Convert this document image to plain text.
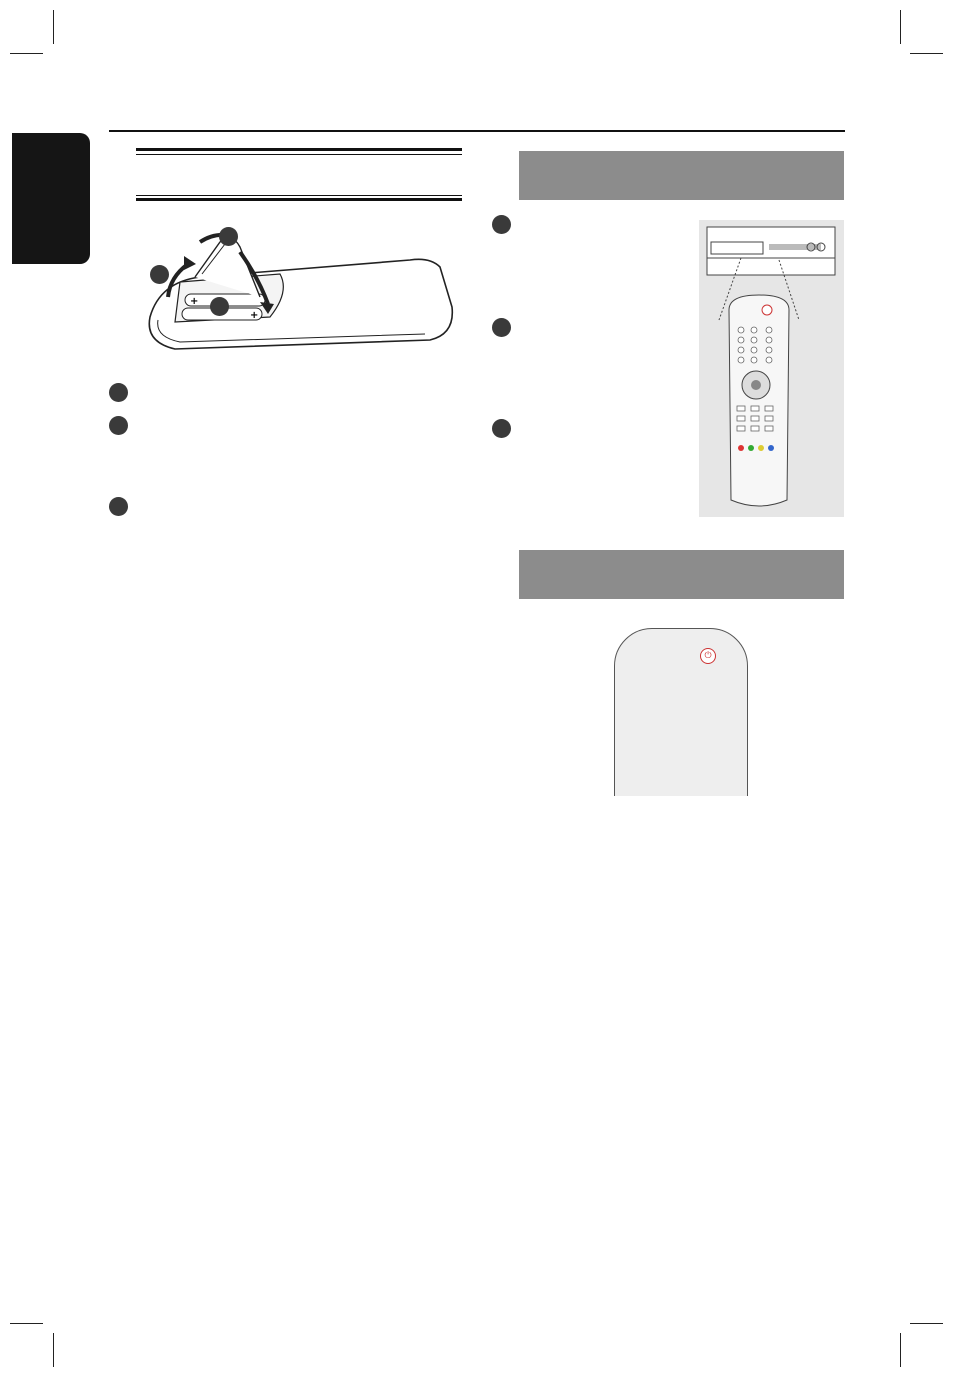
+
+
⏻
